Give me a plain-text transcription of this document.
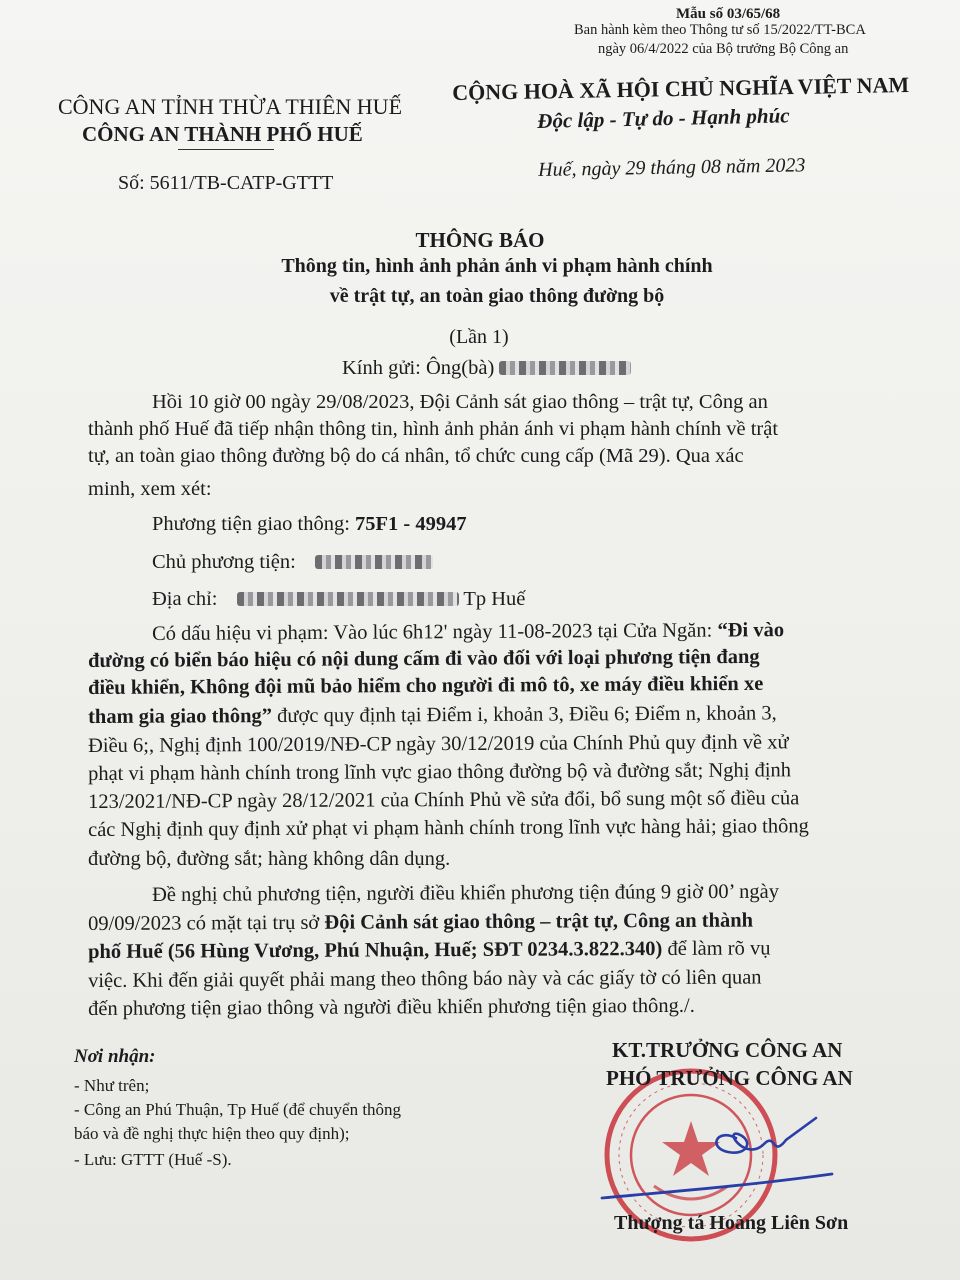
Mẫu số 03/65/68
Ban hành kèm theo Thông tư số 15/2022/TT-BCA
ngày 06/4/2022 của Bộ trưởng Bộ Công an
CÔNG AN TỈNH THỪA THIÊN HUẾ
CÔNG AN THÀNH PHỐ HUẾ
Số: 5611/TB-CATP-GTTT
CỘNG HOÀ XÃ HỘI CHỦ NGHĨA VIỆT NAM
Độc lập - Tự do - Hạnh phúc
Huế, ngày 29 tháng 08 năm 2023
THÔNG BÁO
Thông tin, hình ảnh phản ánh vi phạm hành chính
về trật tự, an toàn giao thông đường bộ
(Lần 1)
Kính gửi: Ông(bà)
Hồi 10 giờ 00 ngày 29/08/2023, Đội Cảnh sát giao thông – trật tự, Công an
thành phố Huế đã tiếp nhận thông tin, hình ảnh phản ánh vi phạm hành chính về trật
tự, an toàn giao thông đường bộ do cá nhân, tổ chức cung cấp (Mã 29). Qua xác
minh, xem xét:
Phương tiện giao thông: 75F1 - 49947
Chủ phương tiện:
Địa chỉ:	Tp Huế
Có dấu hiệu vi phạm: Vào lúc 6h12' ngày 11-08-2023 tại Cửa Ngăn: “Đi vào
đường có biển báo hiệu có nội dung cấm đi vào đối với loại phương tiện đang
điều khiển, Không đội mũ bảo hiểm cho người đi mô tô, xe máy điều khiển xe
tham gia giao thông” được quy định tại Điểm i, khoản 3, Điều 6; Điểm n, khoản 3,
Điều 6;, Nghị định 100/2019/NĐ-CP ngày 30/12/2019 của Chính Phủ quy định về xử
phạt vi phạm hành chính trong lĩnh vực giao thông đường bộ và đường sắt; Nghị định
123/2021/NĐ-CP ngày 28/12/2021 của Chính Phủ về sửa đổi, bổ sung một số điều của
các Nghị định quy định xử phạt vi phạm hành chính trong lĩnh vực hàng hải; giao thông
đường bộ, đường sắt; hàng không dân dụng.
Đề nghị chủ phương tiện, người điều khiển phương tiện đúng 9 giờ 00’ ngày
09/09/2023 có mặt tại trụ sở Đội Cảnh sát giao thông – trật tự, Công an thành
phố Huế (56 Hùng Vương, Phú Nhuận, Huế; SĐT 0234.3.822.340) để làm rõ vụ
việc. Khi đến giải quyết phải mang theo thông báo này và các giấy tờ có liên quan
đến phương tiện giao thông và người điều khiển phương tiện giao thông./.
Nơi nhận:
- Như trên;
- Công an Phú Thuận, Tp Huế (để chuyển thông
báo và đề nghị thực hiện theo quy định);
- Lưu: GTTT (Huế -S).
KT.TRƯỞNG CÔNG AN
PHÓ TRƯỞNG CÔNG AN
Thượng tá Hoàng Liên Sơn
